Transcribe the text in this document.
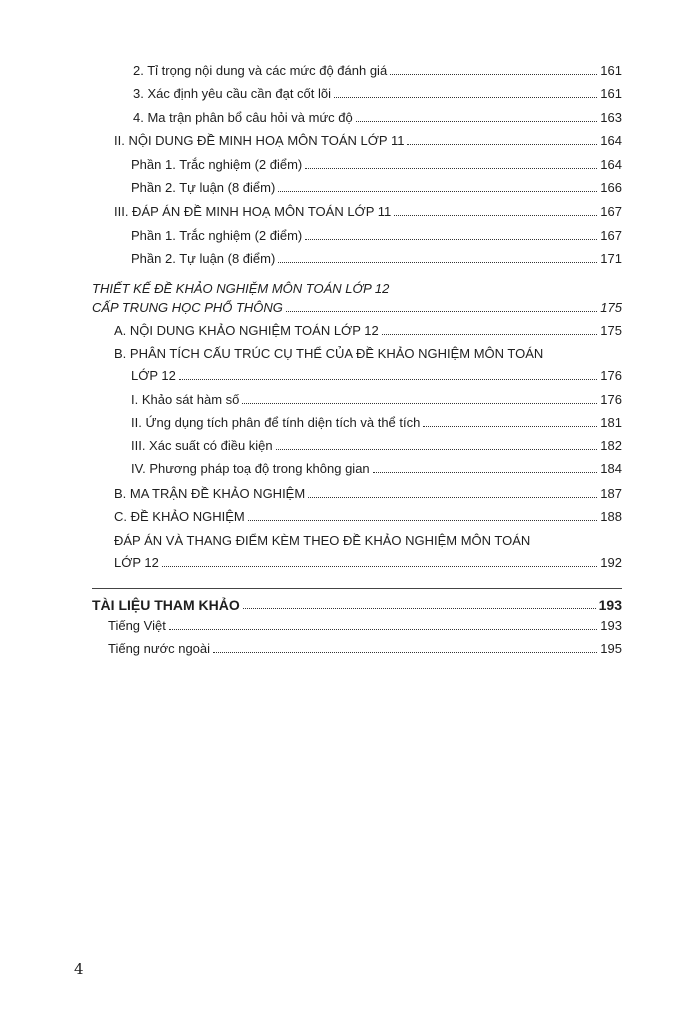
2. Tỉ trọng nội dung và các mức độ đánh giá	161
3. Xác định yêu cầu cần đạt cốt lõi	161
4. Ma trận phân bổ câu hỏi và mức độ	163
II. NỘI DUNG ĐỀ MINH HOẠ MÔN TOÁN LỚP 11	164
Phần 1. Trắc nghiệm (2 điểm)	164
Phần 2. Tự luận (8 điểm)	166
III. ĐÁP ÁN ĐỀ MINH HOẠ MÔN TOÁN LỚP 11	167
Phần 1. Trắc nghiệm (2 điểm)	167
Phần 2. Tự luận (8 điểm)	171
THIẾT KẾ ĐỀ KHẢO NGHIỆM MÔN TOÁN LỚP 12
CẤP TRUNG HỌC PHỔ THÔNG	175
A. NỘI DUNG KHẢO NGHIỆM TOÁN LỚP 12	175
B. PHÂN TÍCH CẤU TRÚC CỤ THỂ CỦA ĐỀ KHẢO NGHIỆM MÔN TOÁN
LỚP 12	176
I. Khảo sát hàm số	176
II. Ứng dụng tích phân để tính diện tích và thể tích	181
III. Xác suất có điều kiện	182
IV. Phương pháp toạ độ trong không gian	184
B. MA TRẬN ĐỀ KHẢO NGHIỆM	187
C. ĐỀ KHẢO NGHIỆM	188
ĐÁP ÁN VÀ THANG ĐIỂM KÈM THEO ĐỀ KHẢO NGHIỆM MÔN TOÁN
LỚP 12	192
TÀI LIỆU THAM KHẢO	193
Tiếng Việt	193
Tiếng nước ngoài	195
4
